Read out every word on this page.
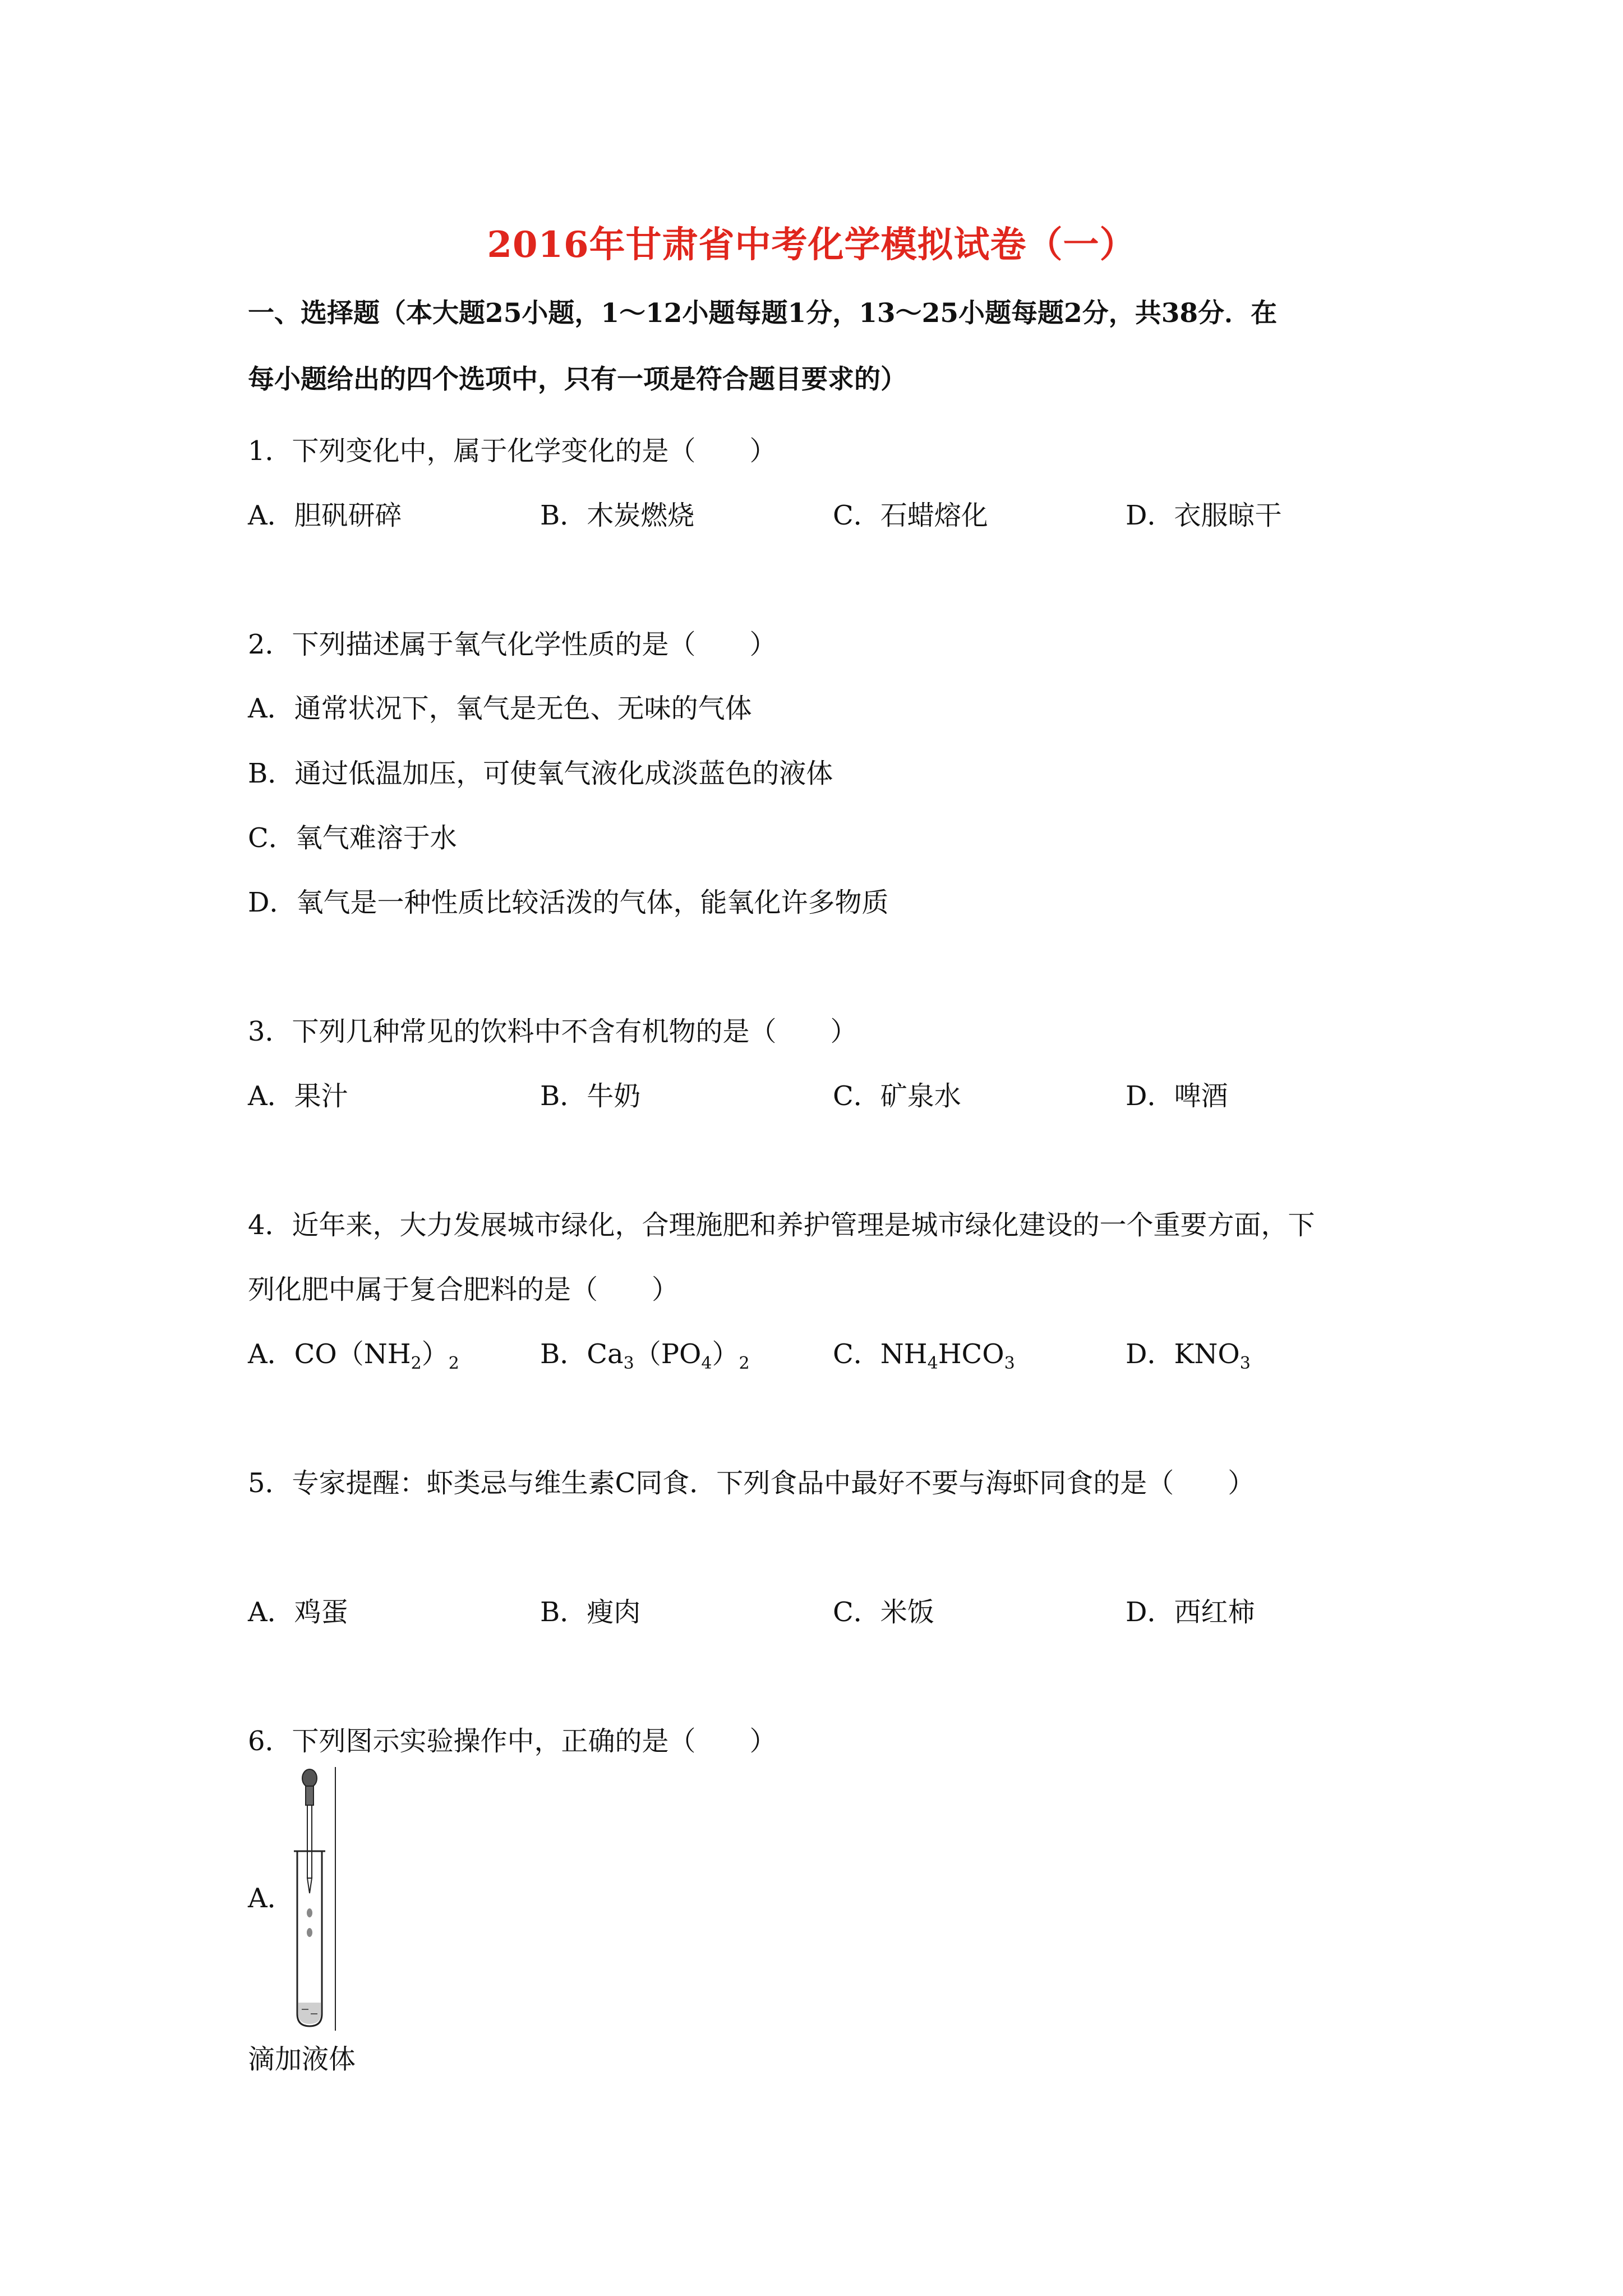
2016年甘肃省中考化学模拟试卷（一）
一、选择题（本大题25小题，1～12小题每题1分，13～25小题每题2分，共38分．在
每小题给出的四个选项中，只有一项是符合题目要求的）
1．下列变化中，属于化学变化的是（　　）
A．胆矾研碎	B．木炭燃烧	C．石蜡熔化	D．衣服晾干
2．下列描述属于氧气化学性质的是（　　）
A．通常状况下，氧气是无色、无味的气体
B．通过低温加压，可使氧气液化成淡蓝色的液体
C．氧气难溶于水
D．氧气是一种性质比较活泼的气体，能氧化许多物质
3．下列几种常见的饮料中不含有机物的是（　　）
A．果汁	B．牛奶	C．矿泉水	D．啤酒
4．近年来，大力发展城市绿化，合理施肥和养护管理是城市绿化建设的一个重要方面，下
列化肥中属于复合肥料的是（　　）
A．$CO(NH_2)_2$	B．$Ca_3(PO_4)_2$	C．$NH_4HCO_3$	D．$KNO_3$
5．专家提醒：虾类忌与维生素C同食．下列食品中最好不要与海虾同食的是（　　）
A．鸡蛋	B．瘦肉	C．米饭	D．西红柿
6．下列图示实验操作中，正确的是（　　）
A．
滴加液体
